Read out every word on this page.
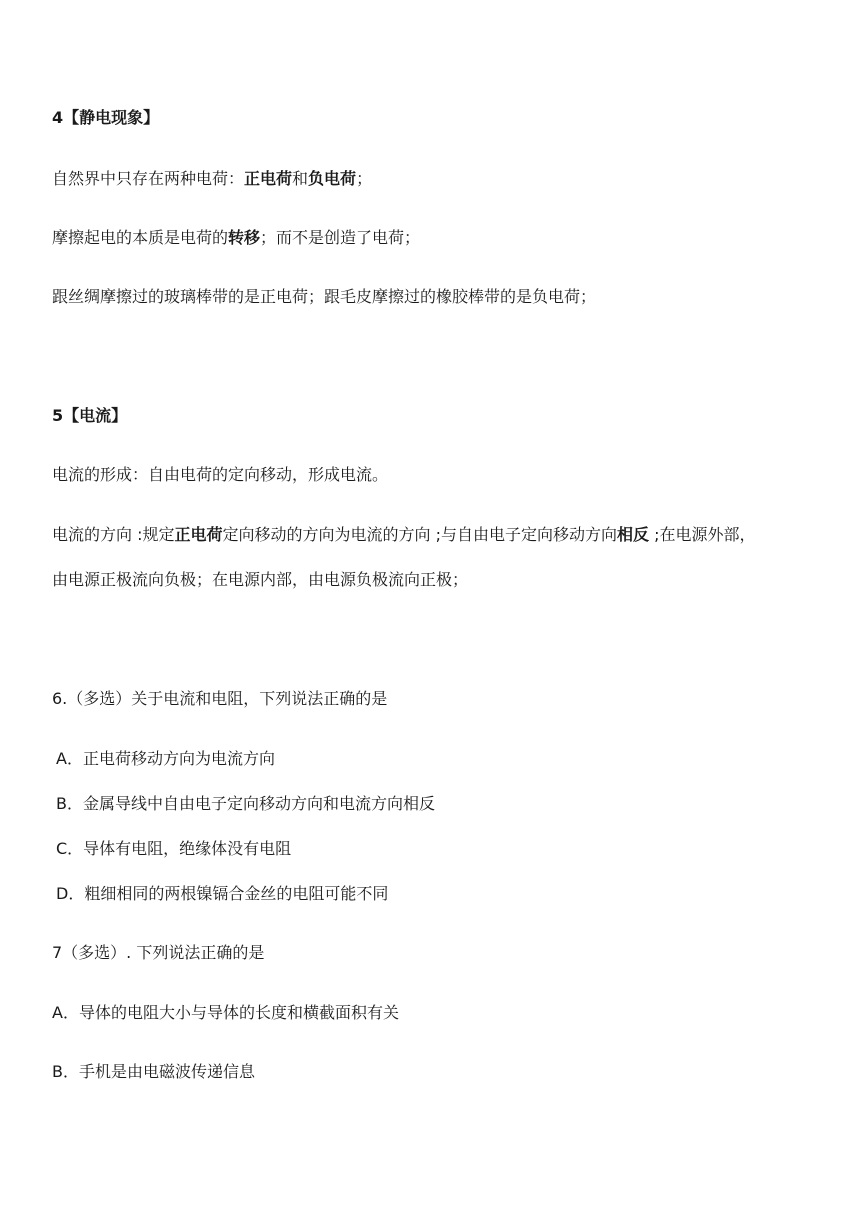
4【静电现象】
自然界中只存在两种电荷：正电荷和负电荷；
摩擦起电的本质是电荷的转移；而不是创造了电荷；
跟丝绸摩擦过的玻璃棒带的是正电荷；跟毛皮摩擦过的橡胶棒带的是负电荷；
5【电流】
电流的形成：自由电荷的定向移动，形成电流。
电流的方向 :规定正电荷定向移动的方向为电流的方向 ;与自由电子定向移动方向相反 ;在电源外部，
由电源正极流向负极；在电源内部，由电源负极流向正极；
6.（多选）关于电流和电阻，下列说法正确的是
A．正电荷移动方向为电流方向
B．金属导线中自由电子定向移动方向和电流方向相反
C．导体有电阻，绝缘体没有电阻
D．粗细相同的两根镍镉合金丝的电阻可能不同
7（多选）. 下列说法正确的是
A．导体的电阻大小与导体的长度和横截面积有关
B．手机是由电磁波传递信息
